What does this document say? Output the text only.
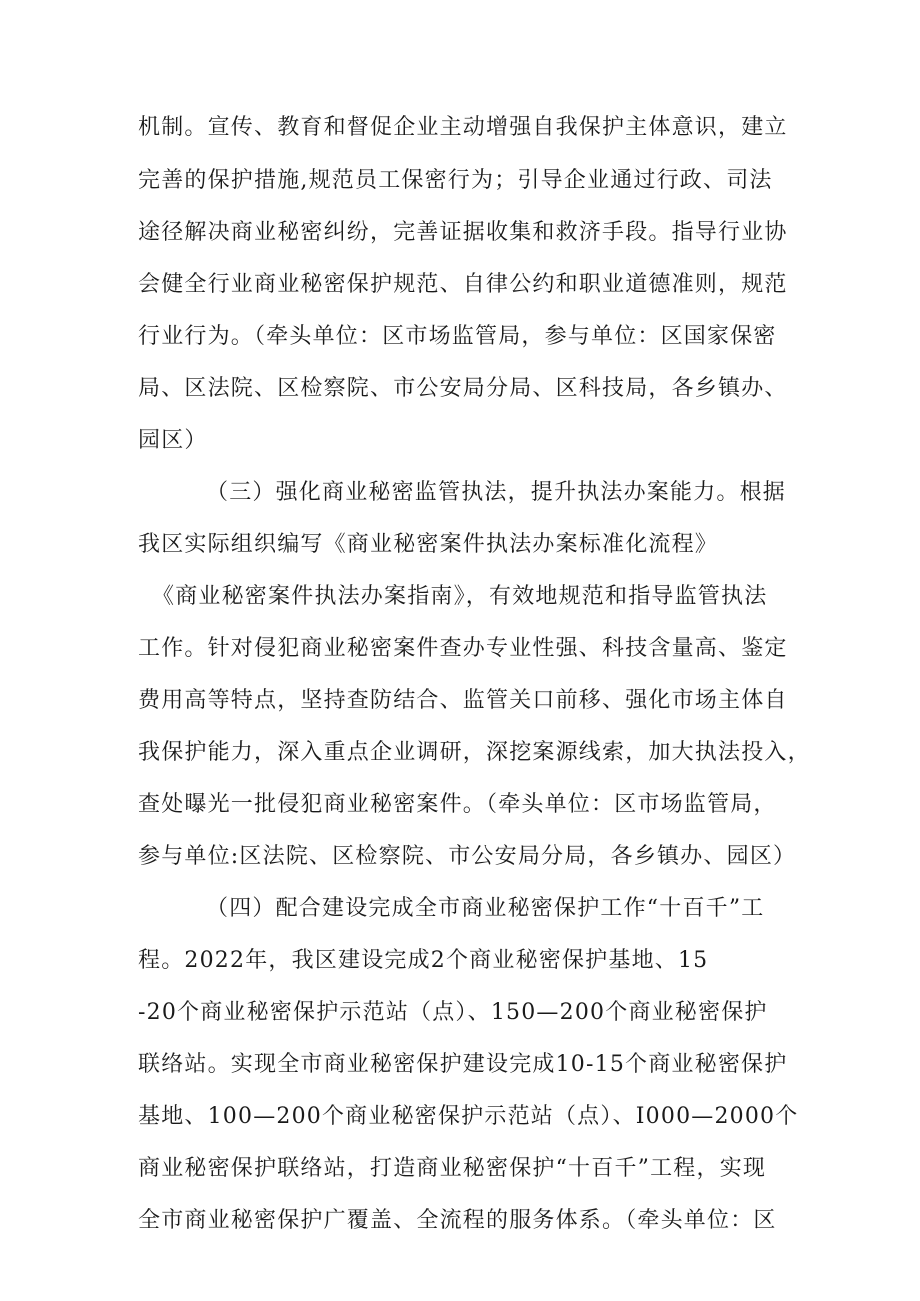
机制。宣传、教育和督促企业主动增强自我保护主体意识，建立
完善的保护措施,规范员工保密行为；引导企业通过行政、司法
途径解决商业秘密纠纷，完善证据收集和救济手段。指导行业协
会健全行业商业秘密保护规范、自律公约和职业道德准则，规范
行业行为。（牵头单位：区市场监管局，参与单位：区国家保密
局、区法院、区检察院、市公安局分局、区科技局，各乡镇办、
园区）
（三）强化商业秘密监管执法，提升执法办案能力。根据
我区实际组织编写《商业秘密案件执法办案标准化流程》
《商业秘密案件执法办案指南》，有效地规范和指导监管执法
工作。针对侵犯商业秘密案件查办专业性强、科技含量高、鉴定
费用高等特点，坚持查防结合、监管关口前移、强化市场主体自
我保护能力，深入重点企业调研，深挖案源线索，加大执法投入，
查处曝光一批侵犯商业秘密案件。（牵头单位：区市场监管局，
参与单位:区法院、区检察院、市公安局分局，各乡镇办、园区）
（四）配合建设完成全市商业秘密保护工作“十百千”工
程。2022年，我区建设完成2个商业秘密保护基地、15
-20个商业秘密保护示范站（点）、150—200个商业秘密保护
联络站。实现全市商业秘密保护建设完成10-15个商业秘密保护
基地、100—200个商业秘密保护示范站（点）、I000—2000个
商业秘密保护联络站，打造商业秘密保护“十百千”工程，实现
全市商业秘密保护广覆盖、全流程的服务体系。（牵头单位：区
